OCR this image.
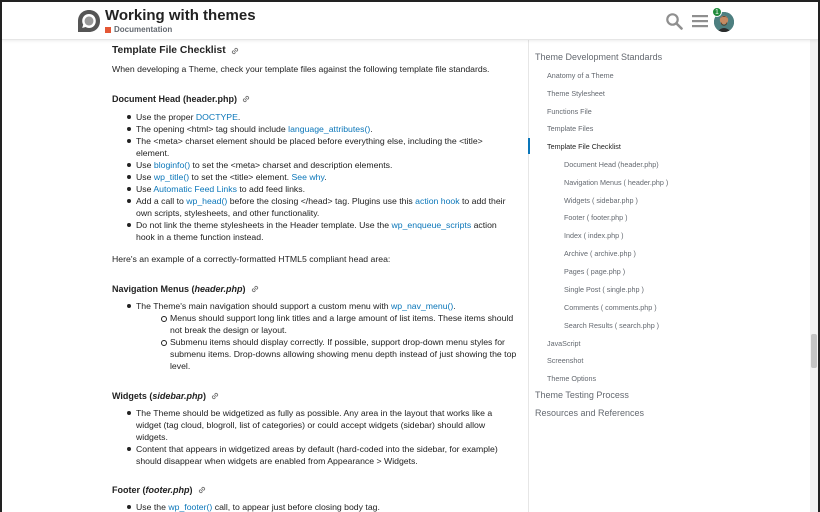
Working with themes
Documentation
1
Template File Checklist

When developing a Theme, check your template files against the following template file standards.

Document Head (header.php)
Use the proper DOCTYPE.
The opening <html> tag should include language_attributes().
The <meta> charset element should be placed before everything else, including the <title> element.
Use bloginfo() to set the <meta> charset and description elements.
Use wp_title() to set the <title> element. See why.
Use Automatic Feed Links to add feed links.
Add a call to wp_head() before the closing </head> tag. Plugins use this action hook to add their own scripts, stylesheets, and other functionality.
Do not link the theme stylesheets in the Header template. Use the wp_enqueue_scripts action hook in a theme function instead.

Here's an example of a correctly-formatted HTML5 compliant head area:

Navigation Menus ( header.php )
The Theme's main navigation should support a custom menu with wp_nav_menu().
Menus should support long link titles and a large amount of list items. These items should not break the design or layout.
Submenu items should display correctly. If possible, support drop-down menu styles for submenu items. Drop-downs allowing showing menu depth instead of just showing the top level.
Widgets ( sidebar.php )
The Theme should be widgetized as fully as possible. Any area in the layout that works like a widget (tag cloud, blogroll, list of categories) or could accept widgets (sidebar) should allow widgets.
Content that appears in widgetized areas by default (hard-coded into the sidebar, for example) should disappear when widgets are enabled from Appearance > Widgets.
Footer ( footer.php )
Use the wp_footer() call, to appear just before closing body tag.
Theme Development Standards
Anatomy of a Theme
Theme Stylesheet
Functions File
Template Files
Template File Checklist
Document Head (header.php)
Navigation Menus ( header.php )
Widgets ( sidebar.php )
Footer ( footer.php )
Index ( index.php )
Archive ( archive.php )
Pages ( page.php )
Single Post ( single.php )
Comments ( comments.php )
Search Results ( search.php )
JavaScript
Screenshot
Theme Options
Theme Testing Process
Resources and References
